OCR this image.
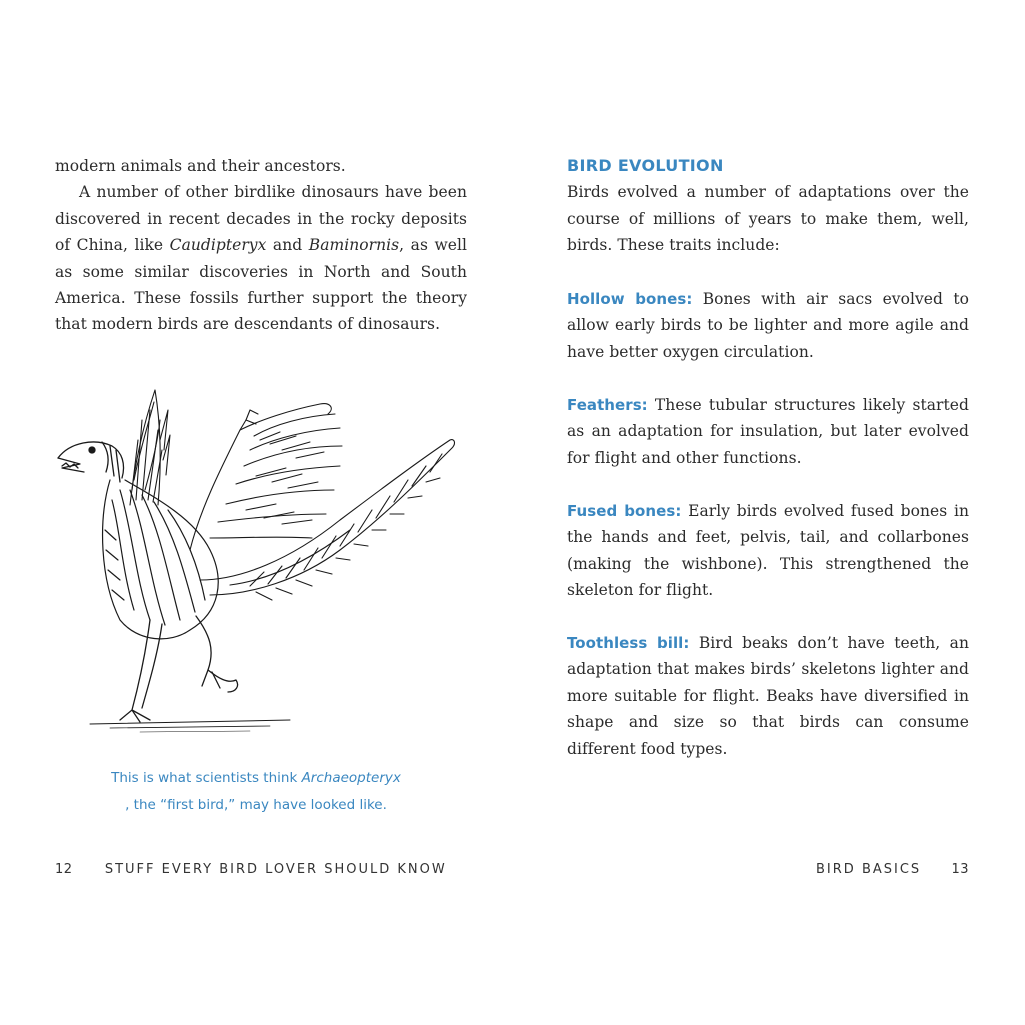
modern animals and their ancestors.

A number of other birdlike dinosaurs have been discovered in recent decades in the rocky deposits of China, like Caudipteryx and Baminornis, as well as some similar discoveries in North and South America. These fossils further support the theory that modern birds are descendants of dinosaurs.

This is what scientists think Archaeopteryx
, the “first bird,” may have looked like.
12 STUFF EVERY BIRD LOVER SHOULD KNOW
BIRD EVOLUTION

Birds evolved a number of adaptations over the course of millions of years to make them, well, birds. These traits include:

Hollow bones: Bones with air sacs evolved to allow early birds to be lighter and more agile and have better oxygen circulation.

Feathers: These tubular structures likely started as an adaptation for insulation, but later evolved for flight and other functions.

Fused bones: Early birds evolved fused bones in the hands and feet, pelvis, tail, and collarbones (making the wishbone). This strengthened the skeleton for flight.

Toothless bill: Bird beaks don’t have teeth, an adaptation that makes birds’ skeletons lighter and more suitable for flight. Beaks have diversified in shape and size so that birds can consume different food types.

BIRD BASICS 13
